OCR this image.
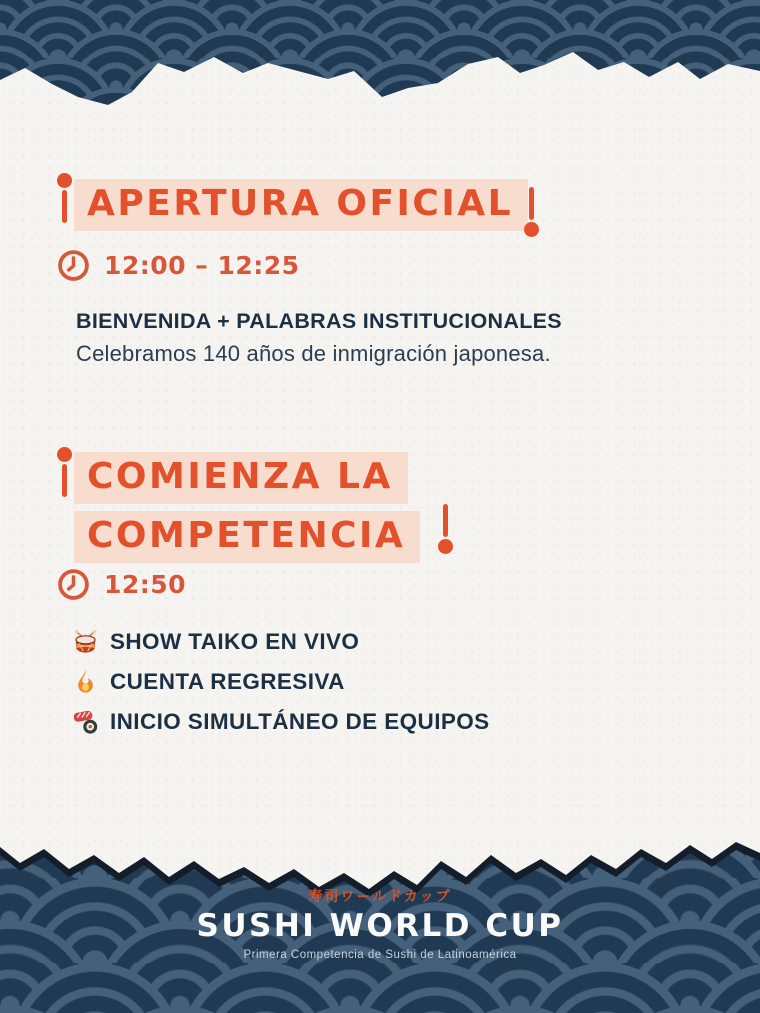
APERTURA OFICIAL
12:00 – 12:25

BIENVENIDA + PALABRAS INSTITUCIONALES

Celebramos 140 años de inmigración japonesa.

COMIENZA LA
COMPETENCIA
12:50
SHOW TAIKO EN VIVO
CUENTA REGRESIVA
INICIO SIMULTÁNEO DE EQUIPOS
寿司ワールドカップ
SUSHI WORLD CUP
Primera Competencia de Sushi de Latinoamérica
